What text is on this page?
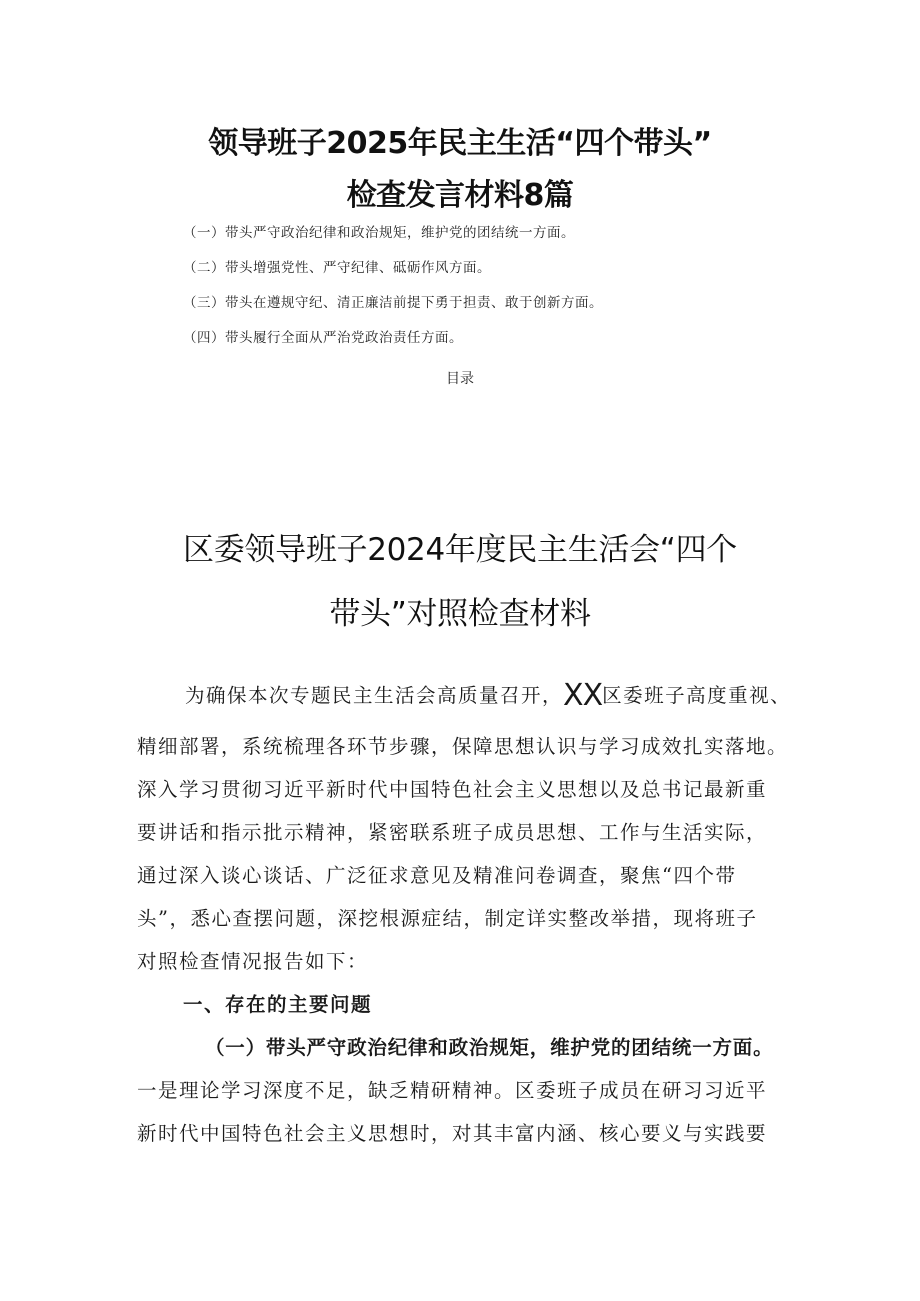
领导班子2025年民主生活“四个带头”
检查发言材料8篇
（一）带头严守政治纪律和政治规矩，维护党的团结统一方面。
（二）带头增强党性、严守纪律、砥砺作风方面。
（三）带头在遵规守纪、清正廉洁前提下勇于担责、敢于创新方面。
（四）带头履行全面从严治党政治责任方面。
目录
区委领导班子2024年度民主生活会“四个
带头”对照检查材料
为确保本次专题民主生活会高质量召开，XX区委班子高度重视、
精细部署，系统梳理各环节步骤，保障思想认识与学习成效扎实落地。
深入学习贯彻习近平新时代中国特色社会主义思想以及总书记最新重
要讲话和指示批示精神，紧密联系班子成员思想、工作与生活实际，
通过深入谈心谈话、广泛征求意见及精准问卷调查，聚焦“四个带
头”，悉心查摆问题，深挖根源症结，制定详实整改举措，现将班子
对照检查情况报告如下：
一、存在的主要问题
（一）带头严守政治纪律和政治规矩，维护党的团结统一方面。
一是理论学习深度不足，缺乏精研精神。区委班子成员在研习习近平
新时代中国特色社会主义思想时，对其丰富内涵、核心要义与实践要
